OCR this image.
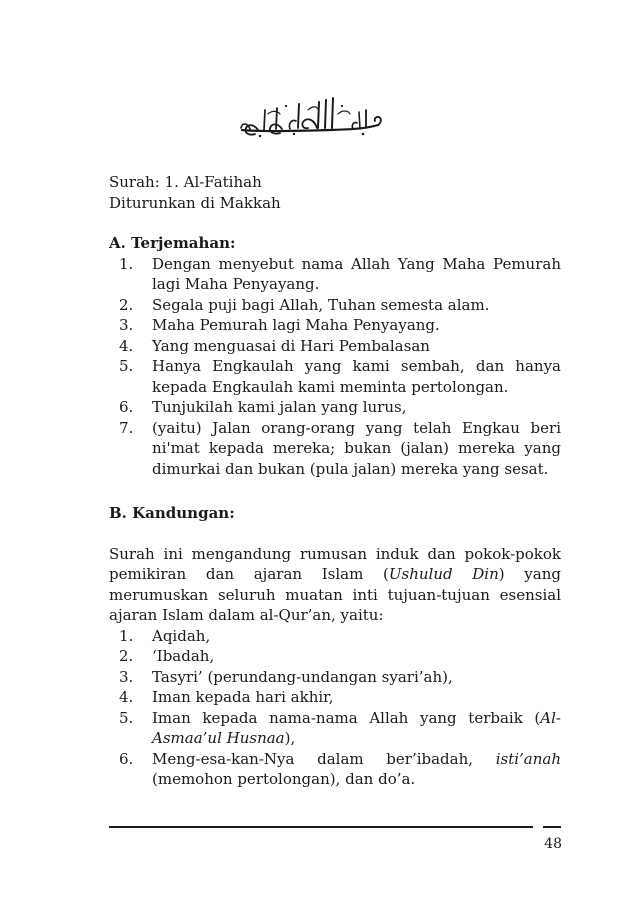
Surah: 1. Al-Fatihah
Diturunkan di Makkah

A. Terjemahan:

1. Dengan menyebut nama Allah Yang Maha Pemurah lagi Maha Penyayang.
2. Segala puji bagi Allah, Tuhan semesta alam.
3. Maha Pemurah lagi Maha Penyayang.
4. Yang menguasai di Hari Pembalasan
5. Hanya Engkaulah yang kami sembah, dan hanya kepada Engkaulah kami meminta pertolongan.
6. Tunjukilah kami jalan yang lurus,
7. (yaitu) Jalan orang-orang yang telah Engkau beri ni'mat kepada mereka; bukan (jalan) mereka yang dimurkai dan bukan (pula jalan) mereka yang sesat.

B. Kandungan:

Surah ini mengandung rumusan induk dan pokok-pokok pemikiran dan ajaran Islam (Ushulud Din) yang merumuskan seluruh muatan inti tujuan-tujuan esensial ajaran Islam dalam al-Qur’an, yaitu:

1. Aqidah,
2. ‘Ibadah,
3. Tasyri’ (perundang-undangan syari’ah),
4. Iman kepada hari akhir,
5. Iman kepada nama-nama Allah yang terbaik (Al-Asmaa’ul Husnaa),
6. Meng-esa-kan-Nya dalam ber’ibadah, isti’anah (memohon pertolongan), dan do’a.
48
